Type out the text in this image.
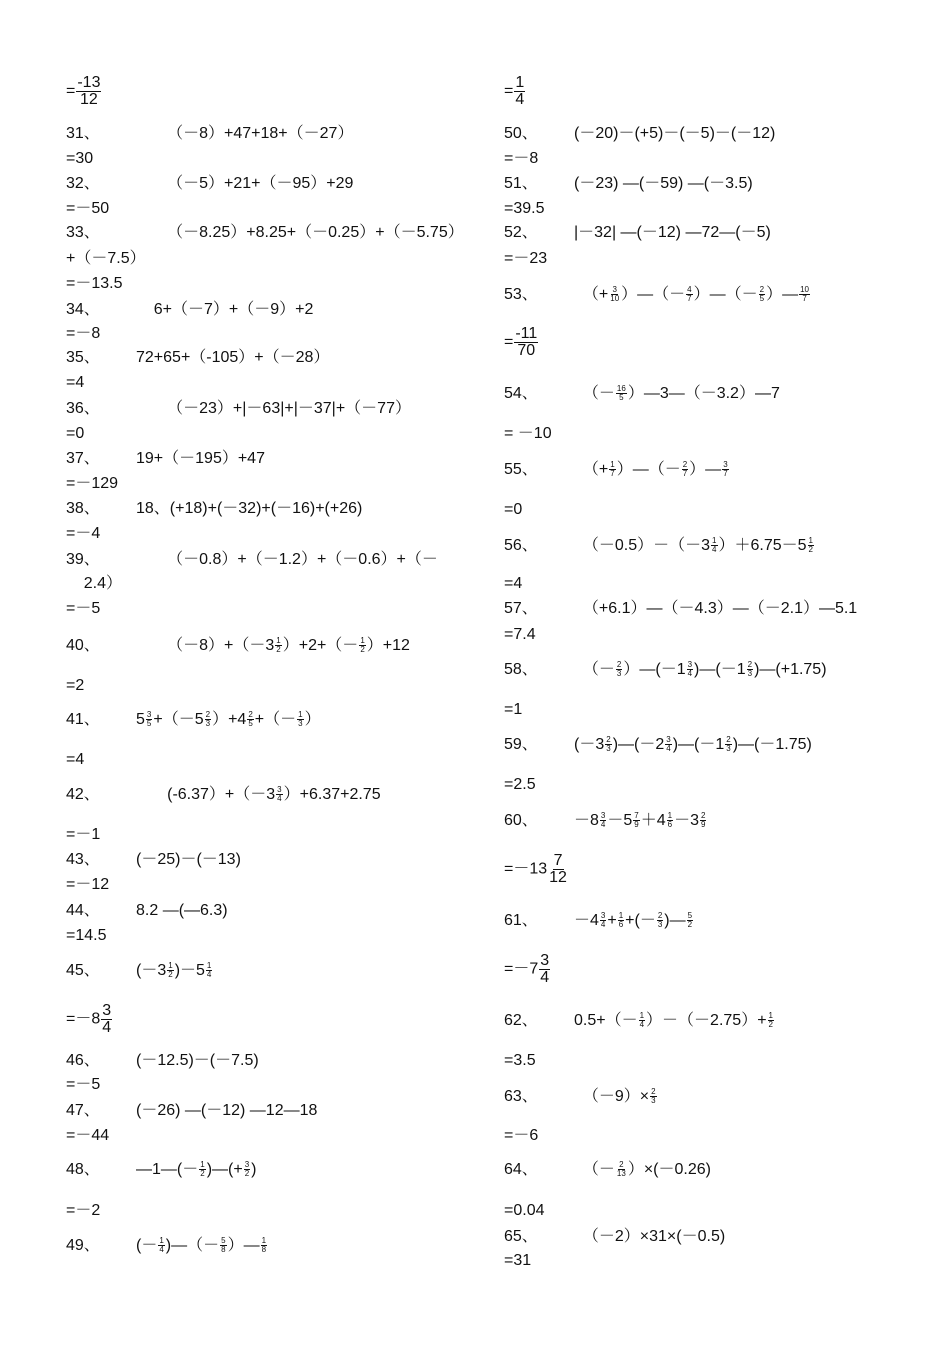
= $\frac{-13}{12}$
31、       （－8）+47+18+（－27）
=30
32、       （－5）+21+（－95）+29
=－50
33、       （－8.25）+8.25+（－0.25）+（－5.75）
+（－7.5）
=－13.5
34、    6+（－7）+（－9）+2
=－8
35、 72+65+（-105）+（－28）
=4
36、       （－23）+|－63|+|－37|+（－77）
=0
37、 19+（－195）+47
=－129
38、 18、(+18)+(－32)+(－16)+(+26)
=－4
39、       （－0.8）+（－1.2）+（－0.6）+（－
2.4）
=－5
40、       $(-8)+(-3 \frac{1}{2} )+2+(- \frac{1}{2} )+12$
=2
41、 $5 \frac{3}{5} +(-5 \frac{2}{3} )+4 \frac{2}{5}$ +（－ $\frac{1}{3}$ ）
=4
42、       $(-6.37)+(-3 \frac{3}{4} )+6.37+2.75$
=－1
43、 (－25)－(－13)
=－12
44、 8.2 —(—6.3)
=14.5
45、 $(-3 \frac{1}{2} )-5 \frac{1}{4}$
$=-8 \frac{3}{4}$
46、 (－12.5)－(－7.5)
=－5
47、 (－26) —(－12) —12—18
=－44
48、 —1—(－ $\frac{1}{2}$ )—(+ $\frac{3}{2}$ )
=－2
49、 (－ $\frac{1}{4}$ )—（－ $\frac{5}{8}$ ）— $\frac{1}{8}$
= $\frac{1}{4}$
50、 (－20)－(+5)－(－5)－(－12)
=－8
51、 (－23) —(－59) —(－3.5)
=39.5
52、 |－32| —(－12) —72—(－5)
=－23
53、  （+ $\frac{3}{10}$ ）—（－ $\frac{4}{7}$ ）—（－ $\frac{2}{5}$ ）— $\frac{10}{7}$
= $\frac{-11}{70}$
54、  （－ $\frac{16}{5}$ ）—3—（－3.2）—7
= －10
55、  （+ $\frac{1}{7}$ ）—（－ $\frac{2}{7}$ ）— $\frac{3}{7}$
=0
56、  $(-0.5)-(-3 \frac{1}{4} )+6.75-5 \frac{1}{2}$
=4
57、  （+6.1）—（－4.3）—（－2.1）—5.1
=7.4
58、  （－ $\frac{2}{3}$ ）—(－1 $\frac{3}{4}$ )—(－1 $\frac{2}{3}$ )—(+1.75)
=1
59、 ($-3 \frac{2}{3}$ )—(－2 $\frac{3}{4}$ )—(－1 $\frac{2}{3}$ )—(－1.75)
=2.5
60、 $-8 \frac{3}{4} -5 \frac{7}{9} +4 \frac{1}{6} -3 \frac{2}{9}$
$=-13 \frac{7}{12}$
61、 $-4 \frac{3}{4} + \frac{1}{6}$ +(－ $\frac{2}{3}$ )— $\frac{5}{2}$
$=-7 \frac{3}{4}$
62、 $0.5+(- \frac{1}{4} )-(-2.75)+ \frac{1}{2}$
=3.5
63、  $(-9)\times \frac{2}{3}$
=－6
64、  （－ $\frac{2}{13} )\times(-0.26)$
=0.04
65、  （－2）×31×(－0.5)
=31
